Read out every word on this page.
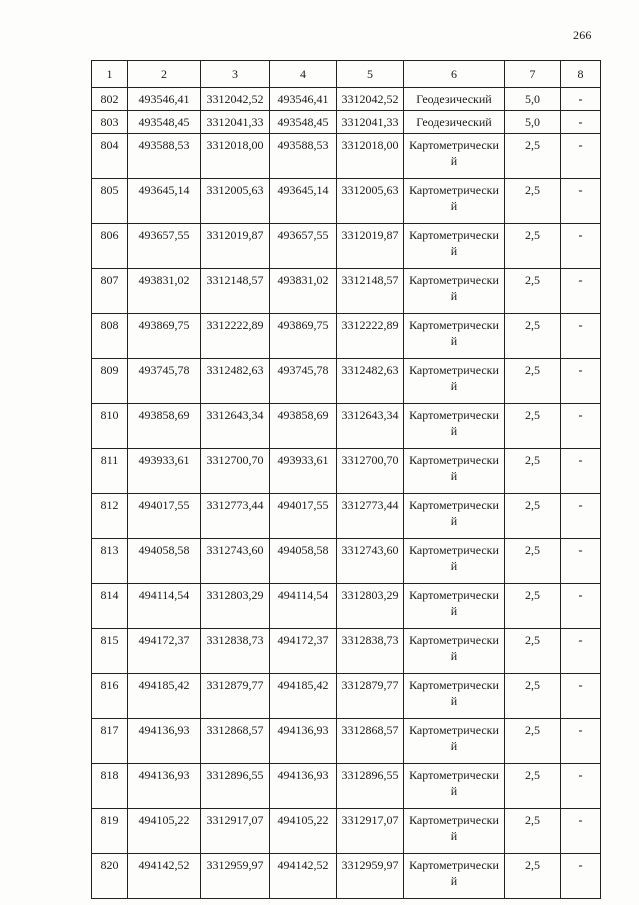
266
1	2	3	4	5	6	7	8
802	493546,41	3312042,52	493546,41	3312042,52	Геодезический	5,0	-
803	493548,45	3312041,33	493548,45	3312041,33	Геодезический	5,0	-
804	493588,53	3312018,00	493588,53	3312018,00	Картометрический	2,5	-
805	493645,14	3312005,63	493645,14	3312005,63	Картометрический	2,5	-
806	493657,55	3312019,87	493657,55	3312019,87	Картометрический	2,5	-
807	493831,02	3312148,57	493831,02	3312148,57	Картометрический	2,5	-
808	493869,75	3312222,89	493869,75	3312222,89	Картометрический	2,5	-
809	493745,78	3312482,63	493745,78	3312482,63	Картометрический	2,5	-
810	493858,69	3312643,34	493858,69	3312643,34	Картометрический	2,5	-
811	493933,61	3312700,70	493933,61	3312700,70	Картометрический	2,5	-
812	494017,55	3312773,44	494017,55	3312773,44	Картометрический	2,5	-
813	494058,58	3312743,60	494058,58	3312743,60	Картометрический	2,5	-
814	494114,54	3312803,29	494114,54	3312803,29	Картометрический	2,5	-
815	494172,37	3312838,73	494172,37	3312838,73	Картометрический	2,5	-
816	494185,42	3312879,77	494185,42	3312879,77	Картометрический	2,5	-
817	494136,93	3312868,57	494136,93	3312868,57	Картометрический	2,5	-
818	494136,93	3312896,55	494136,93	3312896,55	Картометрический	2,5	-
819	494105,22	3312917,07	494105,22	3312917,07	Картометрический	2,5	-
820	494142,52	3312959,97	494142,52	3312959,97	Картометрический	2,5	-
